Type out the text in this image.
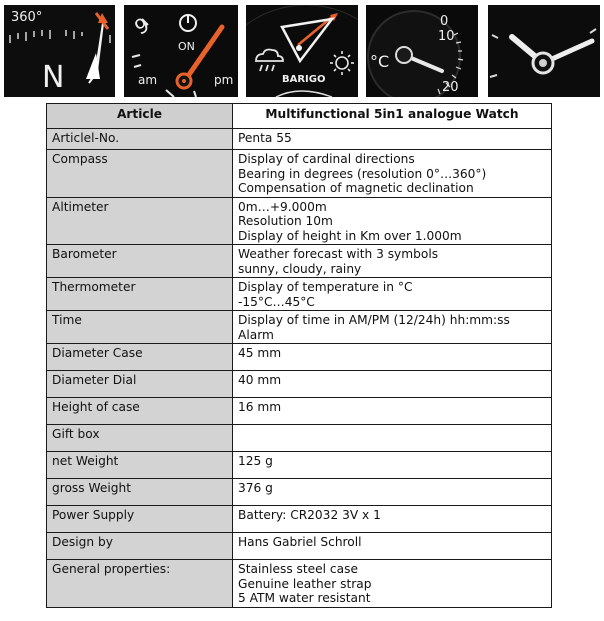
360°
N
9
ON
am	pm	BARIGO
10
0
20
°C
Article	Multifunctional 5in1 analogue Watch
Articlel-No.	Penta 55

Compass	Display of cardinal directions
Bearing in degrees (resolution 0°…360°)
Compensation of magnetic declination

Altimeter	0m…+9.000m
Resolution 10m
Display of height in Km over 1.000m

Barometer	Weather forecast with 3 symbols
sunny, cloudy, rainy

Thermometer	Display of temperature in °C
-15°C…45°C

Time	Display of time in AM/PM (12/24h) hh:mm:ss
Alarm

Diameter Case	45 mm

Diameter Dial	40 mm

Height of case	16 mm

Gift box	

net Weight	125 g

gross Weight	376 g

Power Supply	Battery: CR2032 3V x 1

Design by	Hans Gabriel Schroll

General properties:	Stainless steel case
Genuine leather strap
5 ATM water resistant
